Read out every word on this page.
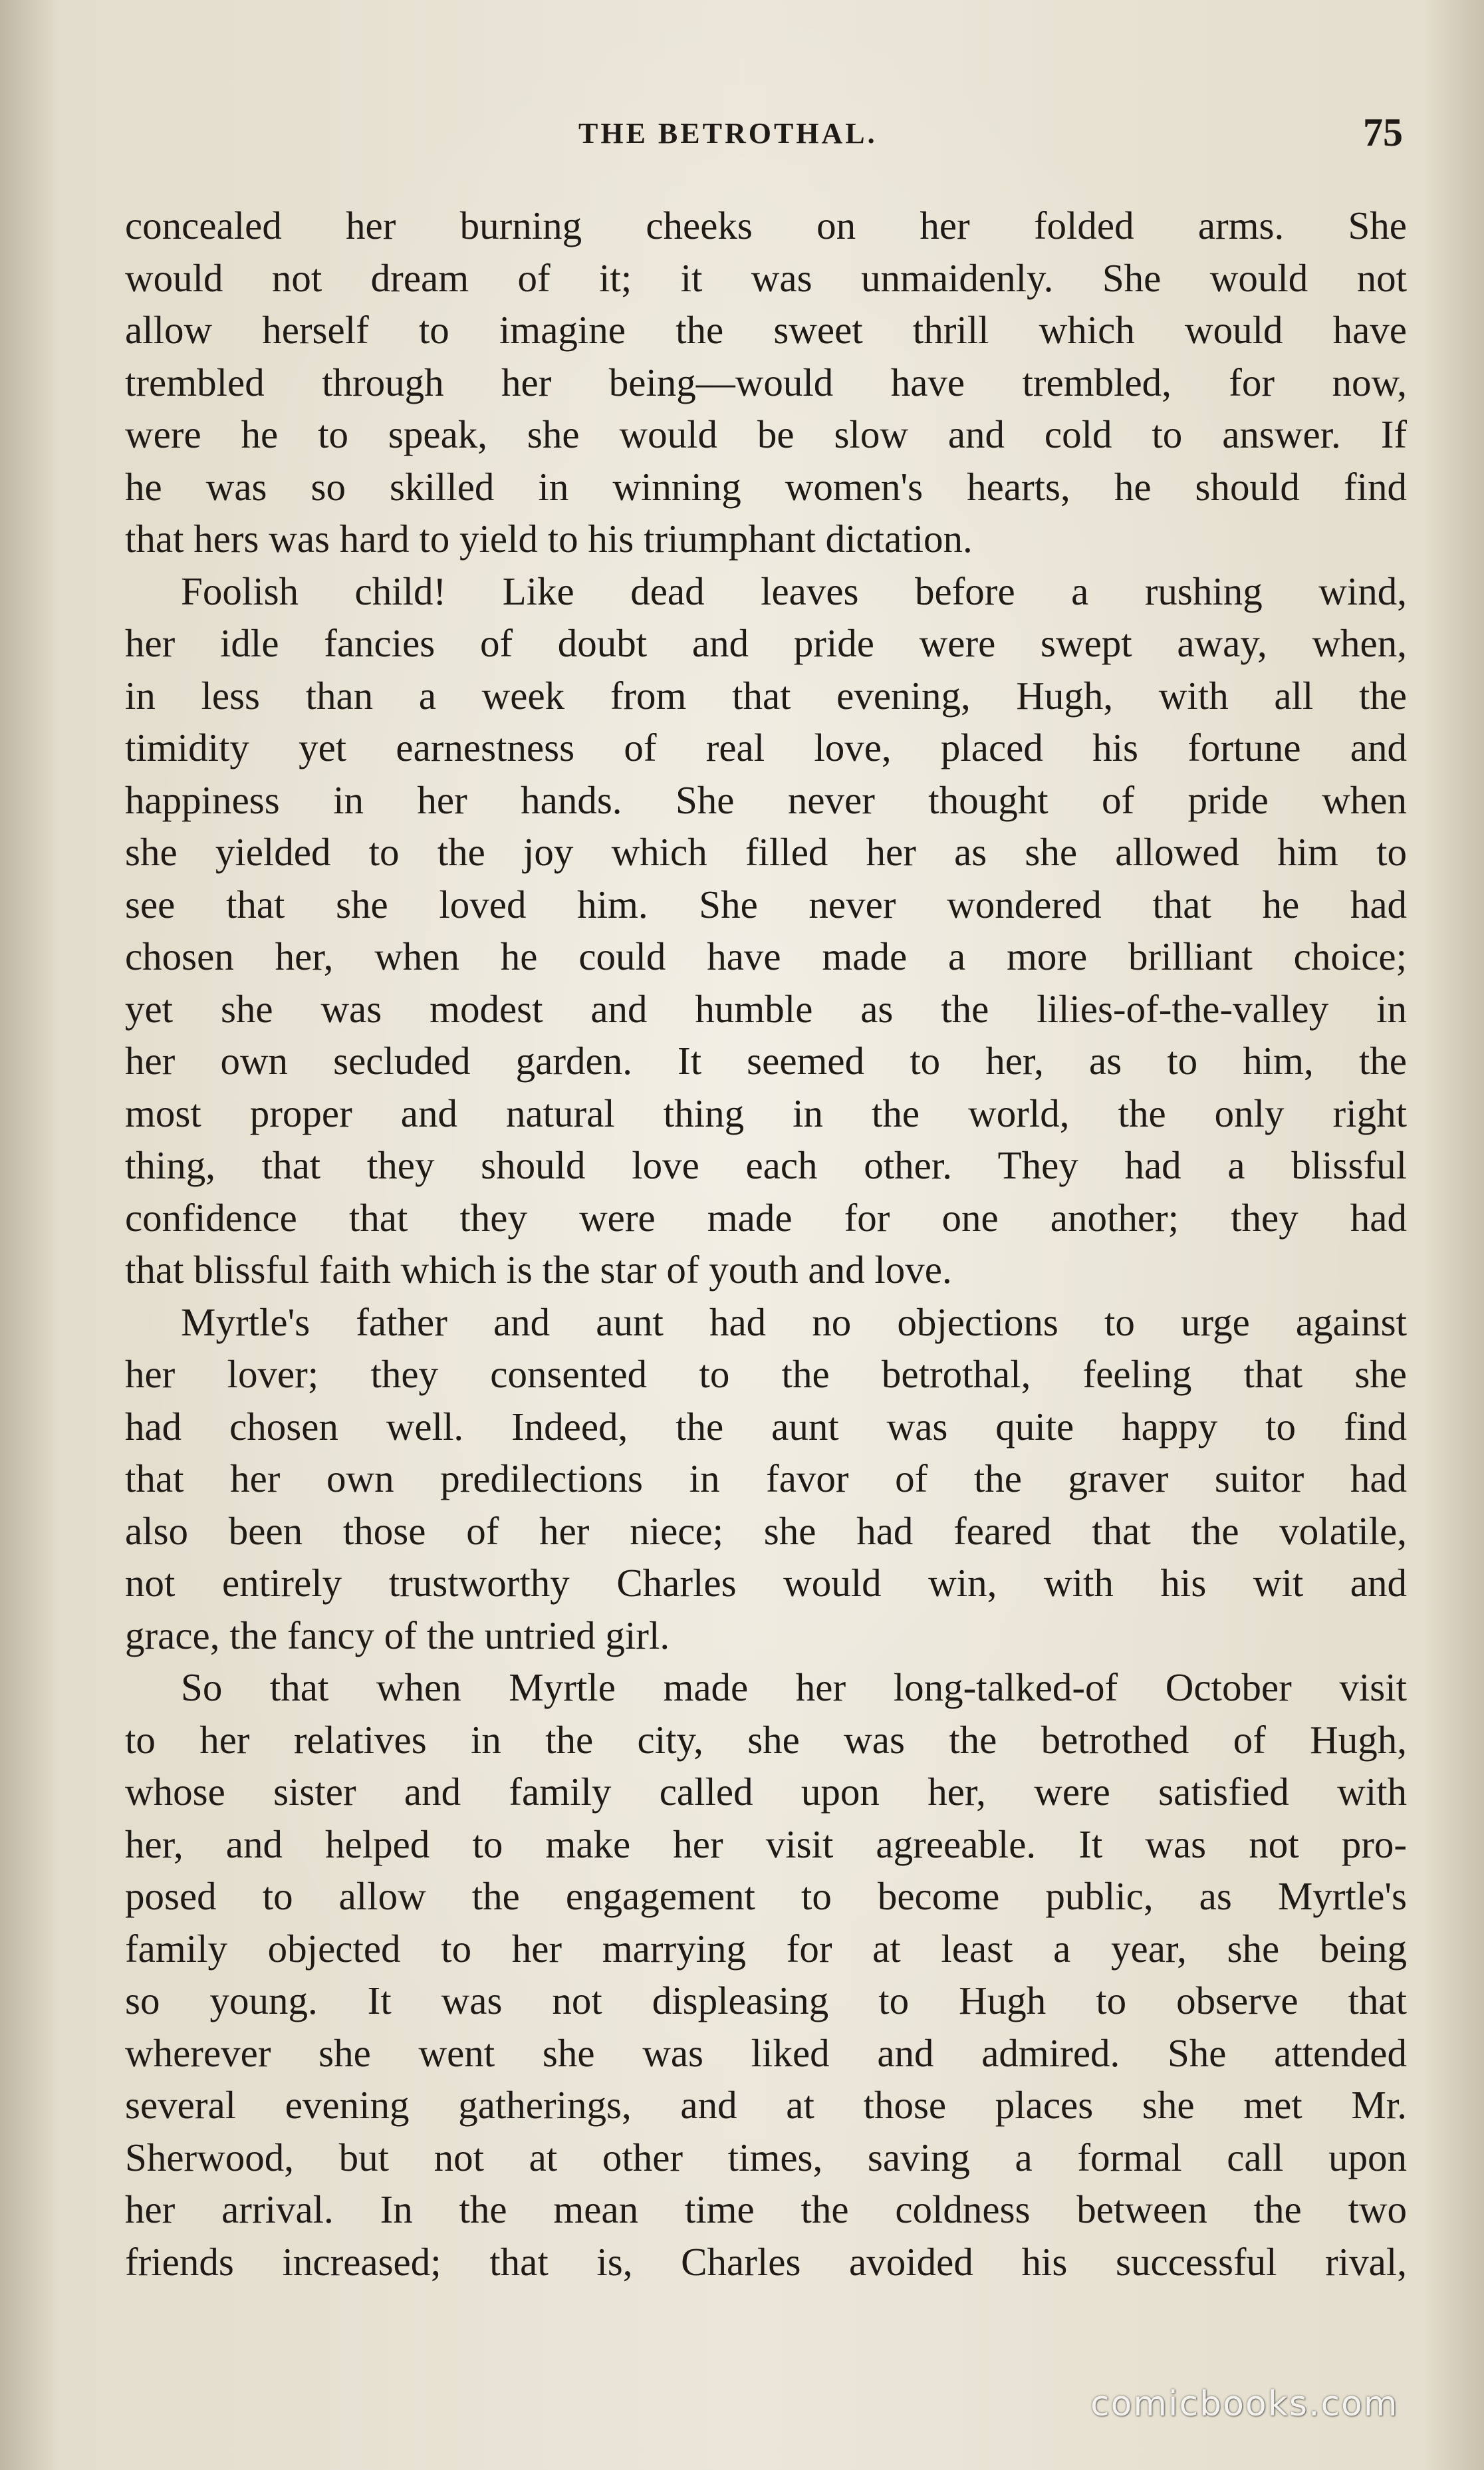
THE BETROTHAL.	75
concealed her burning cheeks on her folded arms. She
would not dream of it; it was unmaidenly. She would not
allow herself to imagine the sweet thrill which would have
trembled through her being—would have trembled, for now,
were he to speak, she would be slow and cold to answer. If
he was so skilled in winning women's hearts, he should find
that hers was hard to yield to his triumphant dictation.
Foolish child! Like dead leaves before a rushing wind,
her idle fancies of doubt and pride were swept away, when,
in less than a week from that evening, Hugh, with all the
timidity yet earnestness of real love, placed his fortune and
happiness in her hands. She never thought of pride when
she yielded to the joy which filled her as she allowed him to
see that she loved him. She never wondered that he had
chosen her, when he could have made a more brilliant choice;
yet she was modest and humble as the lilies-of-the-valley in
her own secluded garden. It seemed to her, as to him, the
most proper and natural thing in the world, the only right
thing, that they should love each other. They had a blissful
confidence that they were made for one another; they had
that blissful faith which is the star of youth and love.
Myrtle's father and aunt had no objections to urge against
her lover; they consented to the betrothal, feeling that she
had chosen well. Indeed, the aunt was quite happy to find
that her own predilections in favor of the graver suitor had
also been those of her niece; she had feared that the volatile,
not entirely trustworthy Charles would win, with his wit and
grace, the fancy of the untried girl.
So that when Myrtle made her long-talked-of October visit
to her relatives in the city, she was the betrothed of Hugh,
whose sister and family called upon her, were satisfied with
her, and helped to make her visit agreeable. It was not pro-
posed to allow the engagement to become public, as Myrtle's
family objected to her marrying for at least a year, she being
so young. It was not displeasing to Hugh to observe that
wherever she went she was liked and admired. She attended
several evening gatherings, and at those places she met Mr.
Sherwood, but not at other times, saving a formal call upon
her arrival. In the mean time the coldness between the two
friends increased; that is, Charles avoided his successful rival,
comicbooks.com
